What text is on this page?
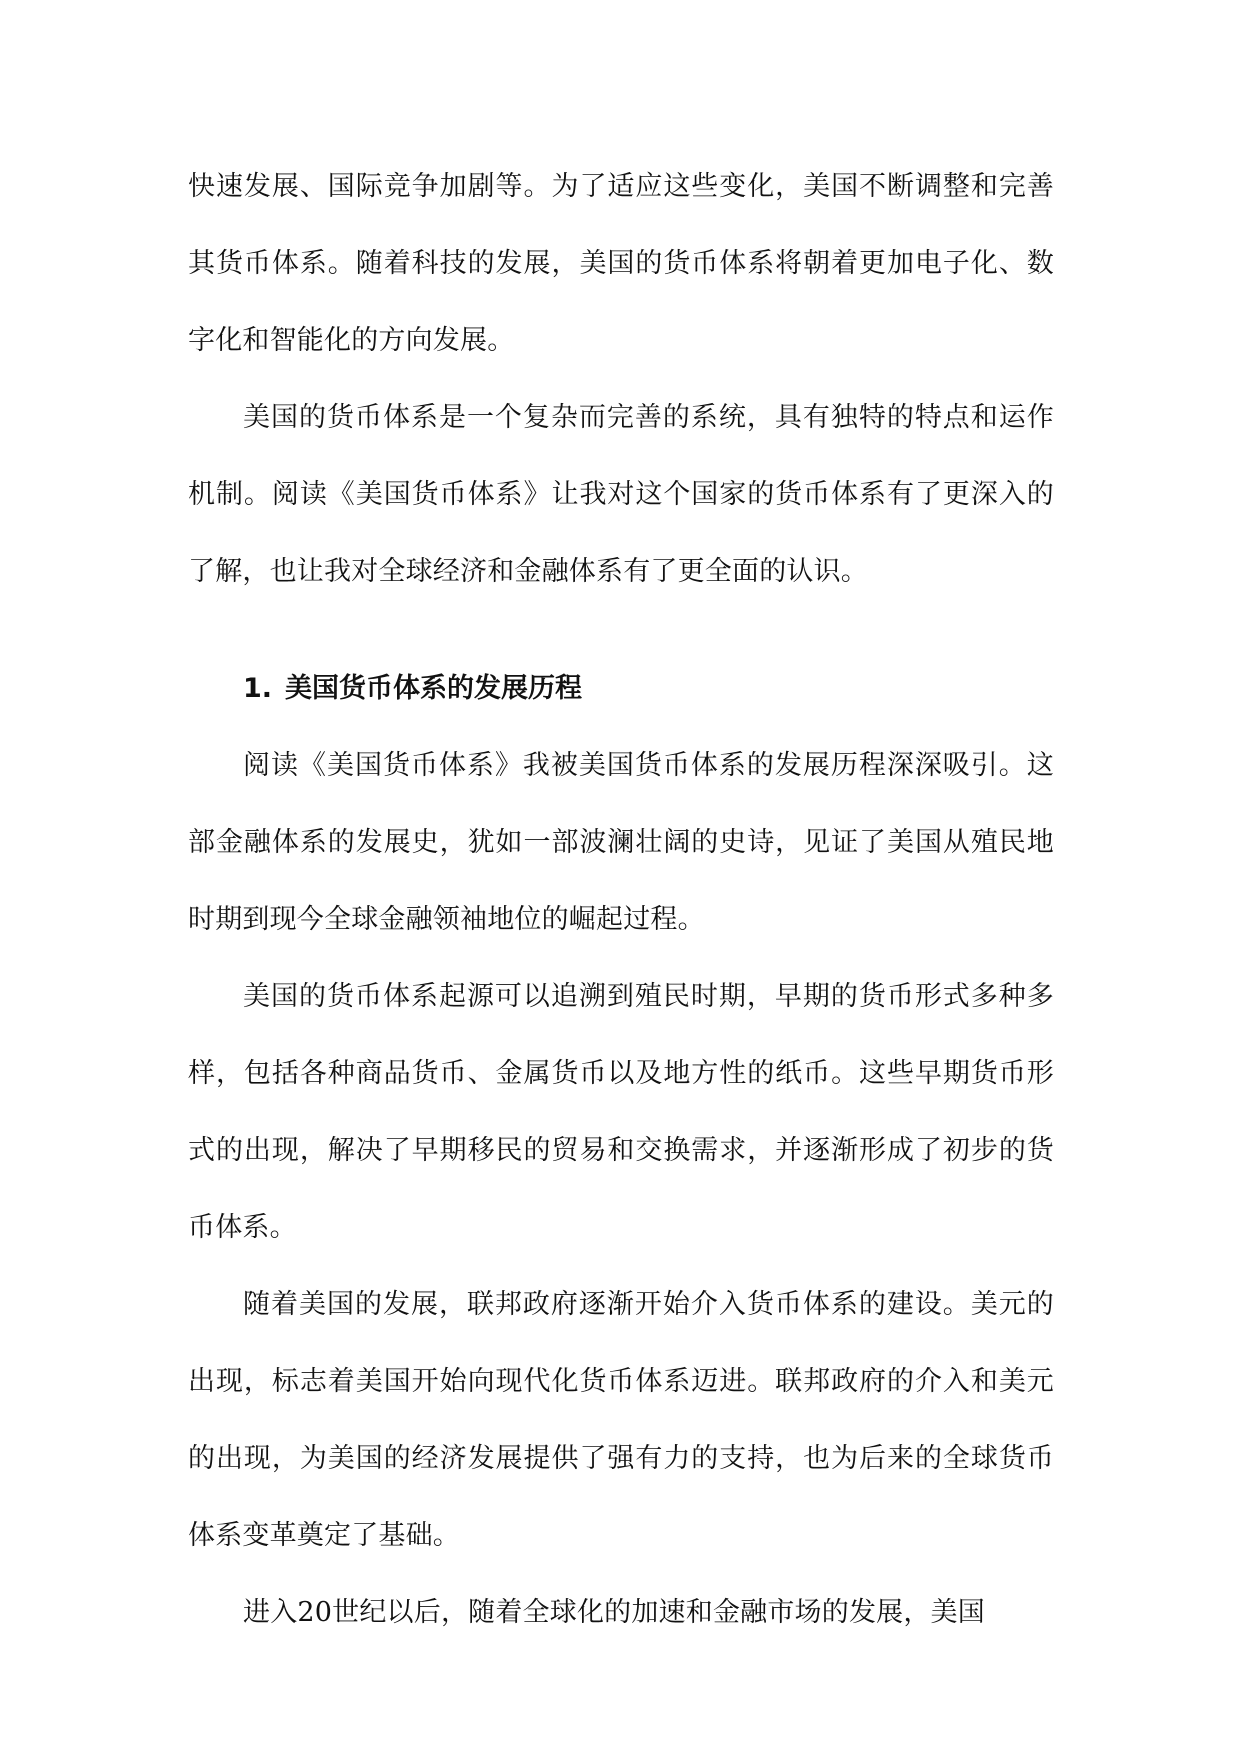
快速发展、国际竞争加剧等。为了适应这些变化，美国不断调整和完善其货币体系。随着科技的发展，美国的货币体系将朝着更加电子化、数字化和智能化的方向发展。

美国的货币体系是一个复杂而完善的系统，具有独特的特点和运作机制。阅读《美国货币体系》让我对这个国家的货币体系有了更深入的了解，也让我对全球经济和金融体系有了更全面的认识。

1. 美国货币体系的发展历程

阅读《美国货币体系》我被美国货币体系的发展历程深深吸引。这部金融体系的发展史，犹如一部波澜壮阔的史诗，见证了美国从殖民地时期到现今全球金融领袖地位的崛起过程。

美国的货币体系起源可以追溯到殖民时期，早期的货币形式多种多样，包括各种商品货币、金属货币以及地方性的纸币。这些早期货币形式的出现，解决了早期移民的贸易和交换需求，并逐渐形成了初步的货币体系。

随着美国的发展，联邦政府逐渐开始介入货币体系的建设。美元的出现，标志着美国开始向现代化货币体系迈进。联邦政府的介入和美元的出现，为美国的经济发展提供了强有力的支持，也为后来的全球货币体系变革奠定了基础。

进入20世纪以后，随着全球化的加速和金融市场的发展，美国
